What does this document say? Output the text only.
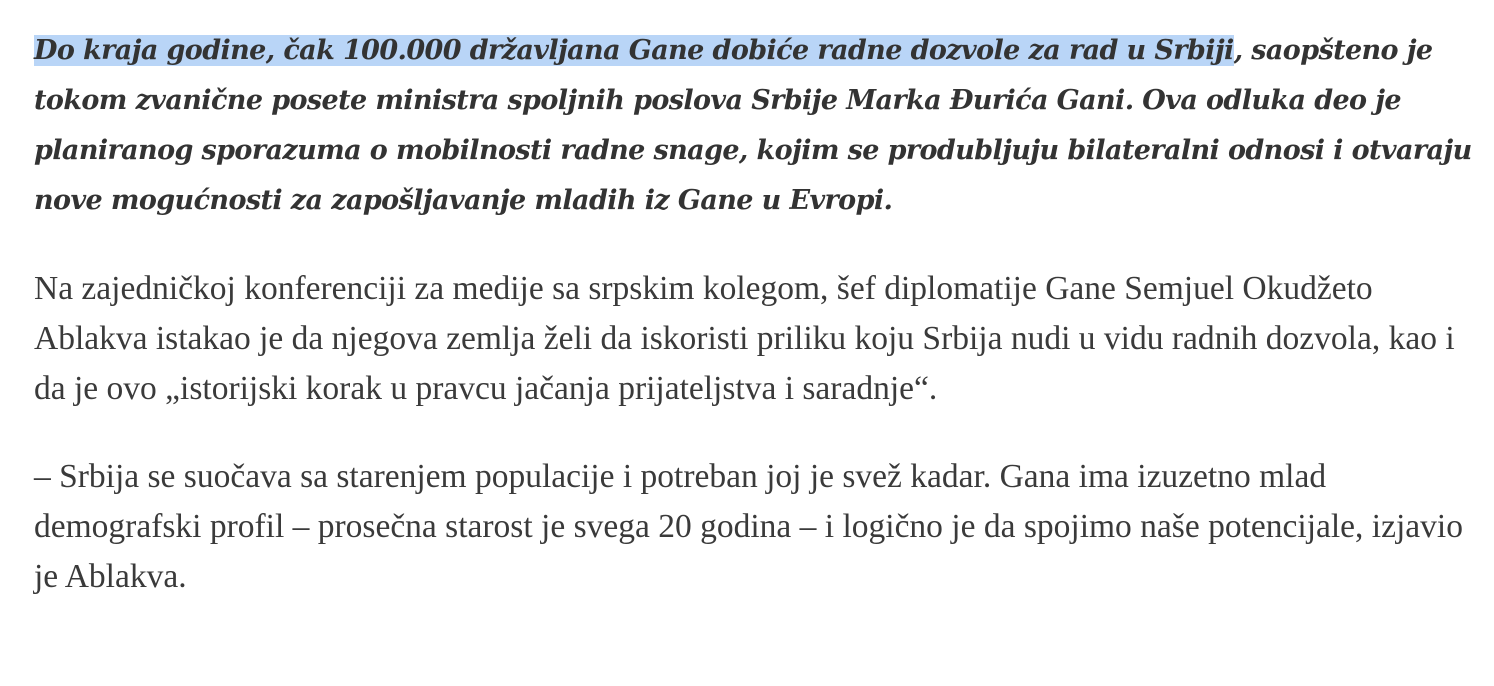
Do kraja godine, čak 100.000 državljana Gane dobiće radne dozvole za rad u Srbiji, saopšteno je tokom zvanične posete ministra spoljnih poslova Srbije Marka Đurića Gani. Ova odluka deo je planiranog sporazuma o mobilnosti radne snage, kojim se produbljuju bilateralni odnosi i otvaraju nove mogućnosti za zapošljavanje mladih iz Gane u Evropi.

Na zajedničkoj konferenciji za medije sa srpskim kolegom, šef diplomatije Gane Semjuel Okudžeto Ablakva istakao je da njegova zemlja želi da iskoristi priliku koju Srbija nudi u vidu radnih dozvola, kao i da je ovo „istorijski korak u pravcu jačanja prijateljstva i saradnje“.

– Srbija se suočava sa starenjem populacije i potreban joj je svež kadar. Gana ima izuzetno mlad demografski profil – prosečna starost je svega 20 godina – i logično je da spojimo naše potencijale, izjavio je Ablakva.
